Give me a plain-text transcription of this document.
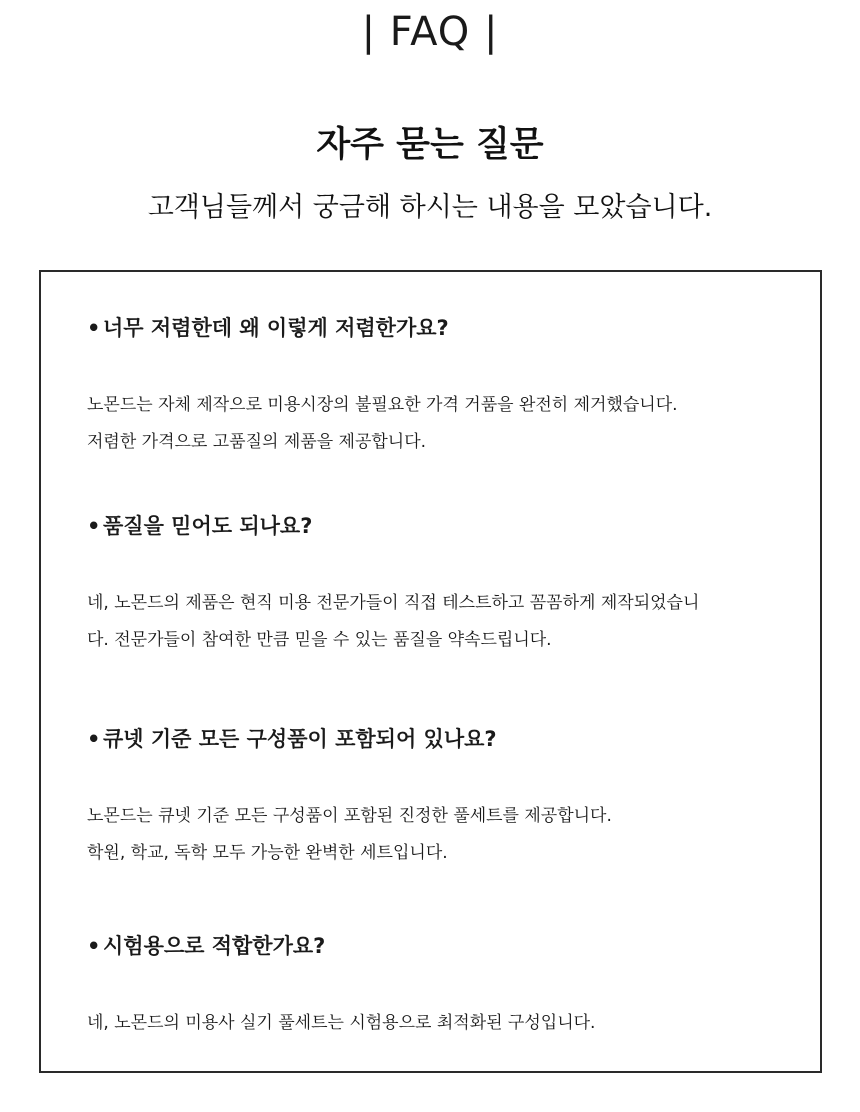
| FAQ |
자주 묻는 질문
고객님들께서 궁금해 하시는 내용을 모았습니다.
• 너무 저렴한데 왜 이렇게 저렴한가요?
노몬드는 자체 제작으로 미용시장의 불필요한 가격 거품을 완전히 제거했습니다.
저렴한 가격으로 고품질의 제품을 제공합니다.
• 품질을 믿어도 되나요?
네, 노몬드의 제품은 현직 미용 전문가들이 직접 테스트하고 꼼꼼하게 제작되었습니
다. 전문가들이 참여한 만큼 믿을 수 있는 품질을 약속드립니다.
• 큐넷 기준 모든 구성품이 포함되어 있나요?
노몬드는 큐넷 기준 모든 구성품이 포함된 진정한 풀세트를 제공합니다.
학원, 학교, 독학 모두 가능한 완벽한 세트입니다.
• 시험용으로 적합한가요?
네, 노몬드의 미용사 실기 풀세트는 시험용으로 최적화된 구성입니다.
